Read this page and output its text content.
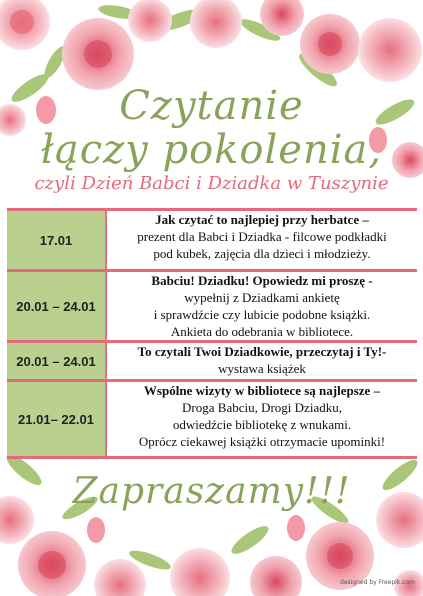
Czytanie
łączy pokolenia,
czyli Dzień Babci i Dziadka w Tuszynie
17.01
Jak czytać to najlepiej przy herbatce –
prezent dla Babci i Dziadka - filcowe podkładki
pod kubek, zajęcia dla dzieci i młodzieży.
20.01 – 24.01
Babciu! Dziadku! Opowiedz mi proszę -
wypełnij z Dziadkami ankietę
i sprawdźcie czy lubicie podobne książki.
Ankieta do odebrania w bibliotece.
20.01 – 24.01
To czytali Twoi Dziadkowie, przeczytaj i Ty!-
wystawa książek
21.01– 22.01
Wspólne wizyty w bibliotece są najlepsze –
Droga Babciu, Drogi Dziadku,
odwiedźcie bibliotekę z wnukami.
Oprócz ciekawej książki otrzymacie upominki!
Zapraszamy!!!
designed by Freepik.com
